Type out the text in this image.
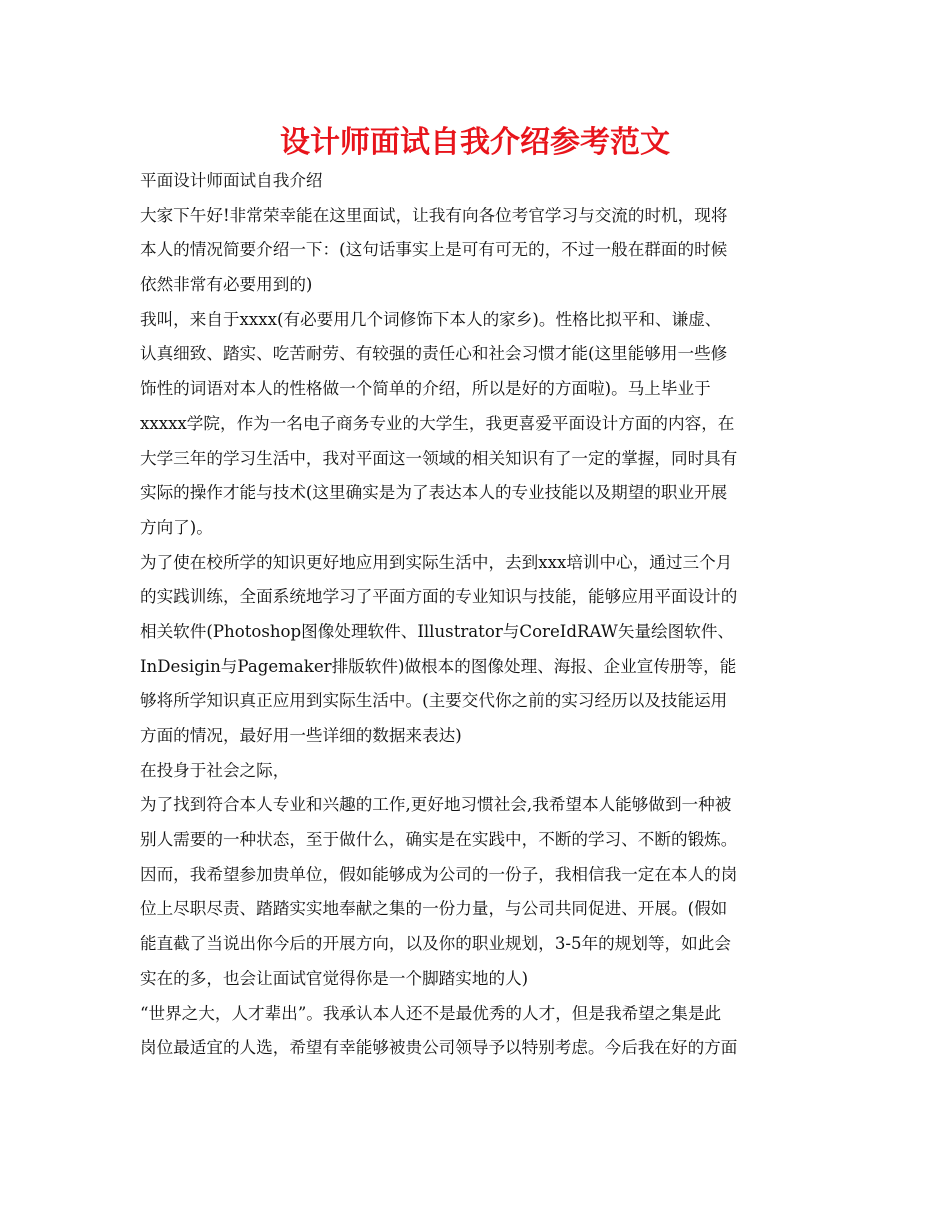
设计师面试自我介绍参考范文
平面设计师面试自我介绍
大家下午好!非常荣幸能在这里面试，让我有向各位考官学习与交流的时机，现将
本人的情况简要介绍一下：(这句话事实上是可有可无的，不过一般在群面的时候
依然非常有必要用到的)
我叫，来自于xxxx(有必要用几个词修饰下本人的家乡)。性格比拟平和、谦虚、
认真细致、踏实、吃苦耐劳、有较强的责任心和社会习惯才能(这里能够用一些修
饰性的词语对本人的性格做一个简单的介绍，所以是好的方面啦)。马上毕业于
xxxxx学院，作为一名电子商务专业的大学生，我更喜爱平面设计方面的内容，在
大学三年的学习生活中，我对平面这一领域的相关知识有了一定的掌握，同时具有
实际的操作才能与技术(这里确实是为了表达本人的专业技能以及期望的职业开展
方向了)。
为了使在校所学的知识更好地应用到实际生活中，去到xxx培训中心，通过三个月
的实践训练，全面系统地学习了平面方面的专业知识与技能，能够应用平面设计的
相关软件(Photoshop图像处理软件、Illustrator与CoreIdRAW矢量绘图软件、
InDesigin与Pagemaker排版软件)做根本的图像处理、海报、企业宣传册等，能
够将所学知识真正应用到实际生活中。(主要交代你之前的实习经历以及技能运用
方面的情况，最好用一些详细的数据来表达)
在投身于社会之际，
为了找到符合本人专业和兴趣的工作,更好地习惯社会,我希望本人能够做到一种被
别人需要的一种状态，至于做什么，确实是在实践中，不断的学习、不断的锻炼。
因而，我希望参加贵单位，假如能够成为公司的一份子，我相信我一定在本人的岗
位上尽职尽责、踏踏实实地奉献之集的一份力量，与公司共同促进、开展。(假如
能直截了当说出你今后的开展方向，以及你的职业规划，3-5年的规划等，如此会
实在的多，也会让面试官觉得你是一个脚踏实地的人)
“世界之大，人才辈出”。我承认本人还不是最优秀的人才，但是我希望之集是此
岗位最适宜的人选，希望有幸能够被贵公司领导予以特别考虑。今后我在好的方面
